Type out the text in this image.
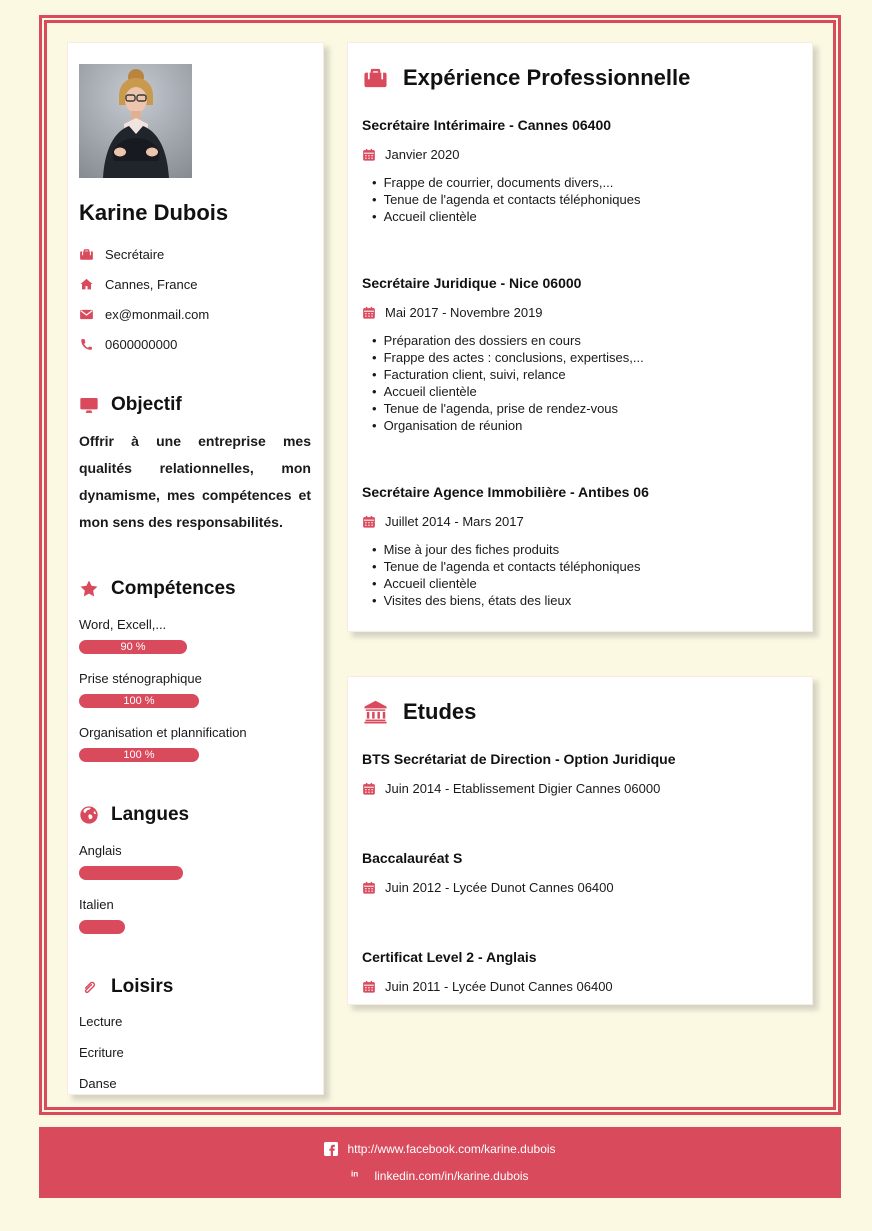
Karine Dubois
Secrétaire
Cannes, France
ex@monmail.com
0600000000
Objectif

Offrir à une entreprise mes qualités relationnelles, mon dynamisme, mes compétences et mon sens des responsabilités.

Compétences
Word, Excell,...
90 %
Prise sténographique
100 %
Organisation et plannification
100 %
Langues
Anglais
Italien
Loisirs
Lecture
Ecriture
Danse
Expérience Professionnelle
Secrétaire Intérimaire - Cannes 06400
Janvier 2020
• Frappe de courrier, documents divers,...
• Tenue de l'agenda et contacts téléphoniques
• Accueil clientèle
Secrétaire Juridique - Nice 06000
Mai 2017 - Novembre 2019
• Préparation des dossiers en cours
• Frappe des actes : conclusions, expertises,...
• Facturation client, suivi, relance
• Accueil clientèle
• Tenue de l'agenda, prise de rendez-vous
• Organisation de réunion
Secrétaire Agence Immobilière - Antibes 06
Juillet 2014 - Mars 2017
• Mise à jour des fiches produits
• Tenue de l'agenda et contacts téléphoniques
• Accueil clientèle
• Visites des biens, états des lieux
Etudes
BTS Secrétariat de Direction - Option Juridique
Juin 2014 - Etablissement Digier Cannes 06000
Baccalauréat S
Juin 2012 - Lycée Dunot Cannes 06400
Certificat Level 2 - Anglais
Juin 2011 - Lycée Dunot Cannes 06400
http://www.facebook.com/karine.dubois
linkedin.com/in/karine.dubois
